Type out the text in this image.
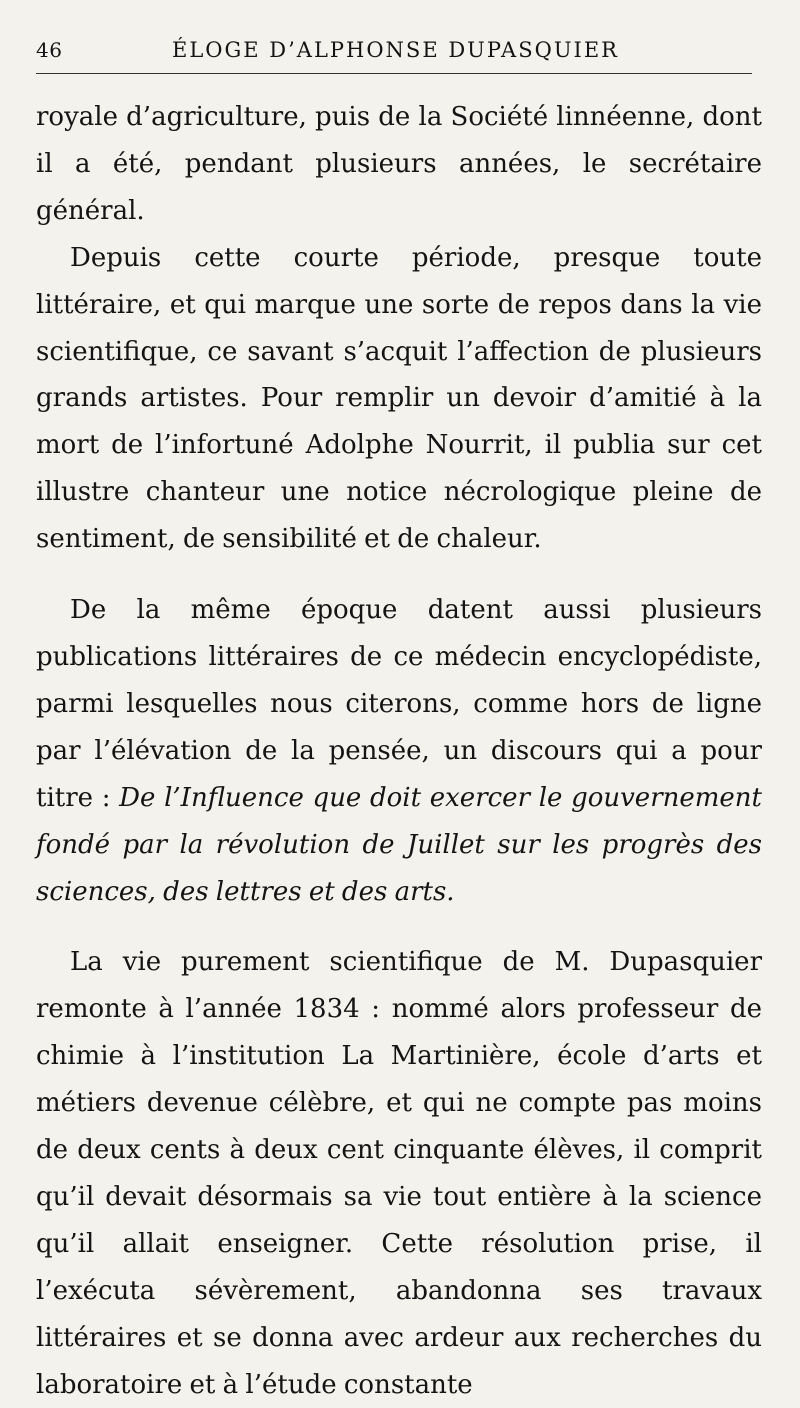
46	ÉLOGE D’ALPHONSE DUPASQUIER

royale d’agriculture, puis de la Société linnéenne, dont il a été, pendant plusieurs années, le secrétaire général.

Depuis cette courte période, presque toute littéraire, et qui marque une sorte de repos dans la vie scientifique, ce savant s’acquit l’affection de plusieurs grands artistes. Pour remplir un devoir d’amitié à la mort de l’infortuné Adolphe Nourrit, il publia sur cet illustre chanteur une notice nécrologique pleine de sentiment, de sensibilité et de chaleur.

De la même époque datent aussi plusieurs publications littéraires de ce médecin encyclopédiste, parmi lesquelles nous citerons, comme hors de ligne par l’élévation de la pensée, un discours qui a pour titre : De l’Influence que doit exercer le gouvernement fondé par la révolution de Juillet sur les progrès des sciences, des lettres et des arts.

La vie purement scientifique de M. Dupasquier remonte à l’année 1834 : nommé alors professeur de chimie à l’institution La Martinière, école d’arts et métiers devenue célèbre, et qui ne compte pas moins de deux cents à deux cent cinquante élèves, il comprit qu’il devait désormais sa vie tout entière à la science qu’il allait enseigner. Cette résolution prise, il l’exécuta sévèrement, abandonna ses travaux littéraires et se donna avec ardeur aux recherches du laboratoire et à l’étude constante
